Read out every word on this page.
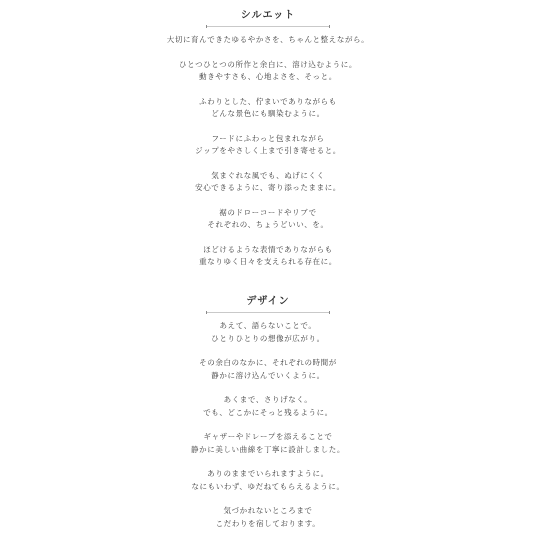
シルエット

大切に育んできたゆるやかさを、ちゃんと整えながら。

ひとつひとつの所作と余白に、溶け込むように。
動きやすさも、心地よさを、そっと。

ふわりとした、佇まいでありながらも
どんな景色にも馴染むように。

フードにふわっと包まれながら
ジップをやさしく上まで引き寄せると。

気まぐれな風でも、ぬげにくく
安心できるように、寄り添ったままに。

裾のドローコードやリブで
それぞれの、ちょうどいい、を。

ほどけるような表情でありながらも
重なりゆく日々を支えられる存在に。

デザイン

あえて、語らないことで。
ひとりひとりの想像が広がり。

その余白のなかに、それぞれの時間が
静かに溶け込んでいくように。

あくまで、さりげなく。
でも、どこかにそっと残るように。

ギャザーやドレープを添えることで
静かに美しい曲線を丁寧に設計しました。

ありのままでいられますように。
なにもいわず、ゆだねてもらえるように。

気づかれないところまで
こだわりを宿しております。
